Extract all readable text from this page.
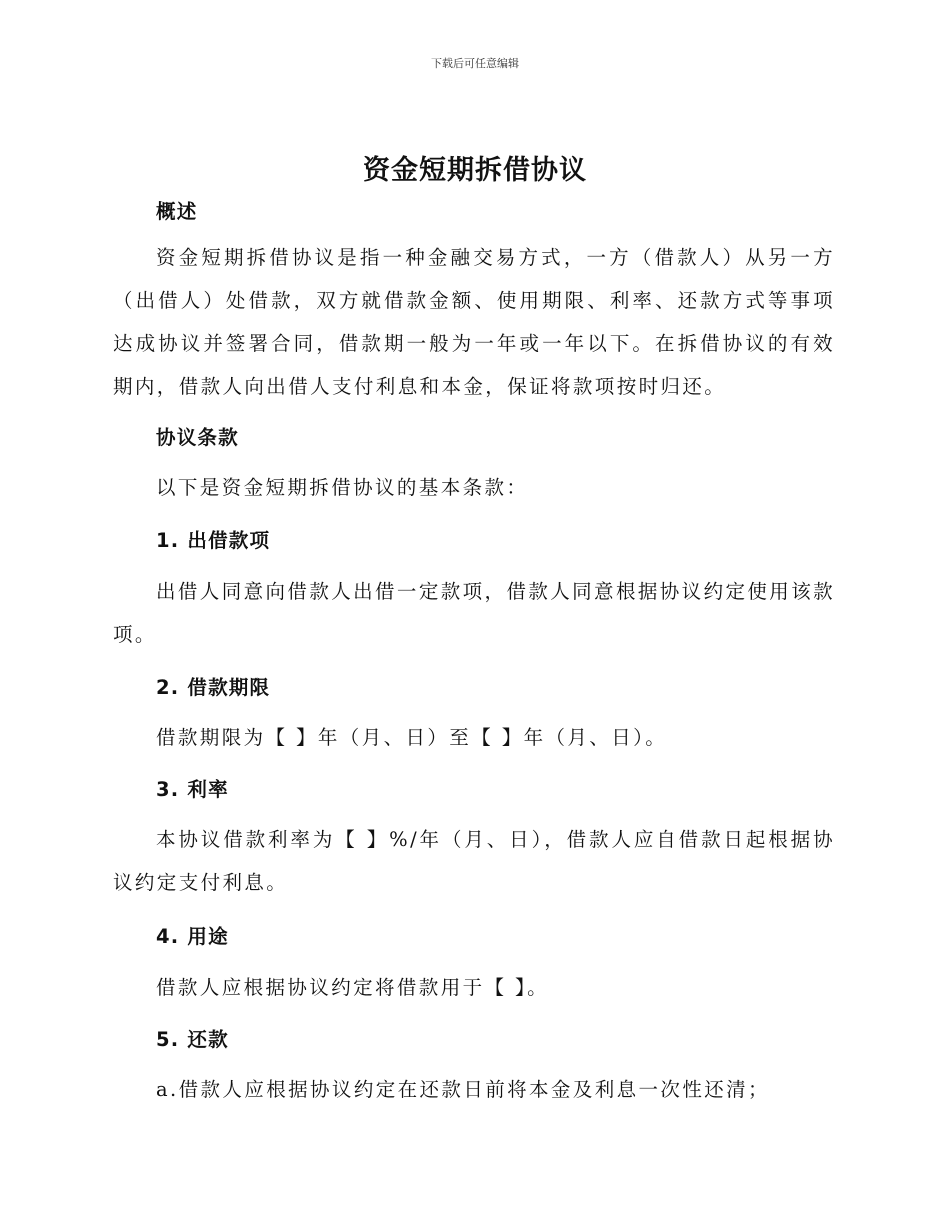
下载后可任意编辑
资金短期拆借协议
概述
资金短期拆借协议是指一种金融交易方式，一方（借款人）从另一方（出借人）处借款，双方就借款金额、使用期限、利率、还款方式等事项达成协议并签署合同，借款期一般为一年或一年以下。在拆借协议的有效期内，借款人向出借人支付利息和本金，保证将款项按时归还。
协议条款
以下是资金短期拆借协议的基本条款：
1. 出借款项
出借人同意向借款人出借一定款项，借款人同意根据协议约定使用该款项。
2. 借款期限
借款期限为【 】年（月、日）至【 】年（月、日）。
3. 利率
本协议借款利率为【 】%/年（月、日），借款人应自借款日起根据协议约定支付利息。
4. 用途
借款人应根据协议约定将借款用于【 】。
5. 还款
a.借款人应根据协议约定在还款日前将本金及利息一次性还清；
